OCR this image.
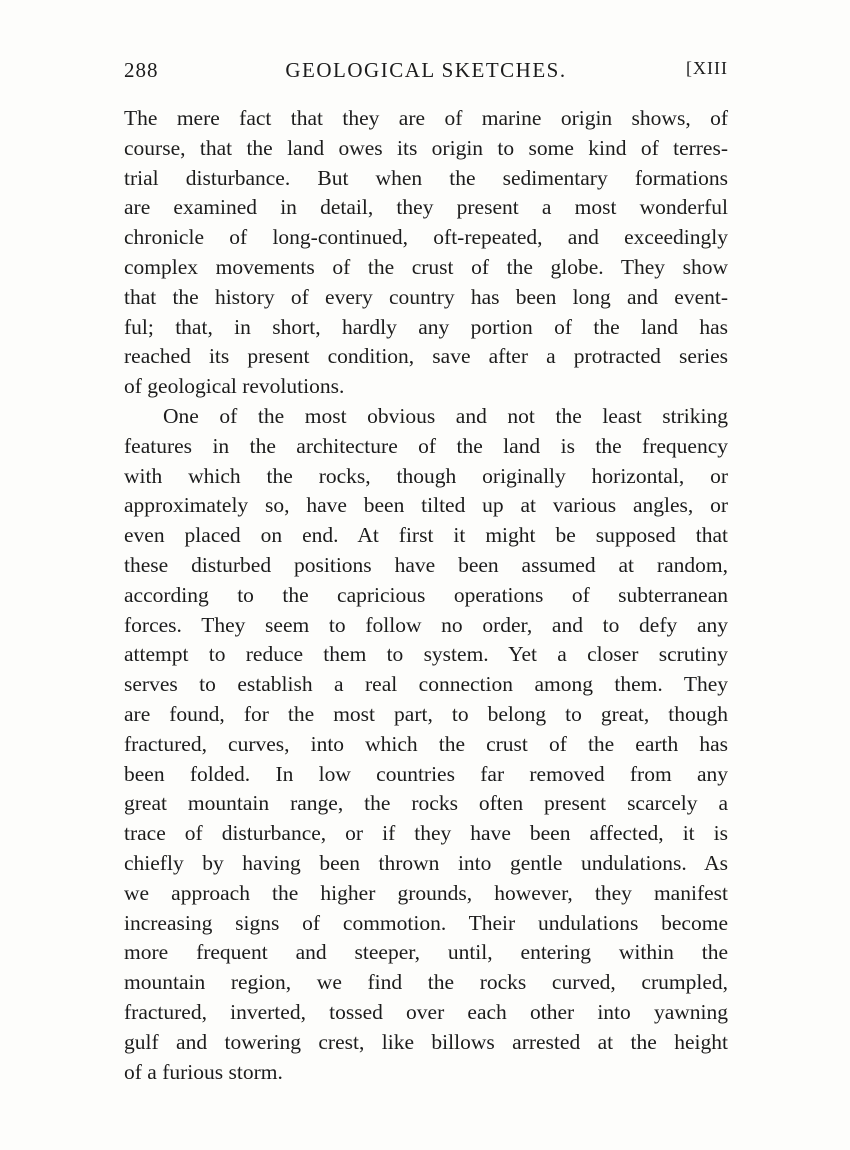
288	GEOLOGICAL SKETCHES.	[XIII

The mere fact that they are of marine origin shows, of
course, that the land owes its origin to some kind of terres-
trial disturbance. But when the sedimentary formations
are examined in detail, they present a most wonderful
chronicle of long-continued, oft-repeated, and exceedingly
complex movements of the crust of the globe. They show
that the history of every country has been long and event-
ful; that, in short, hardly any portion of the land has
reached its present condition, save after a protracted series
of geological revolutions.

One of the most obvious and not the least striking
features in the architecture of the land is the frequency
with which the rocks, though originally horizontal, or
approximately so, have been tilted up at various angles, or
even placed on end. At first it might be supposed that
these disturbed positions have been assumed at random,
according to the capricious operations of subterranean
forces. They seem to follow no order, and to defy any
attempt to reduce them to system. Yet a closer scrutiny
serves to establish a real connection among them. They
are found, for the most part, to belong to great, though
fractured, curves, into which the crust of the earth has
been folded. In low countries far removed from any
great mountain range, the rocks often present scarcely a
trace of disturbance, or if they have been affected, it is
chiefly by having been thrown into gentle undulations. As
we approach the higher grounds, however, they manifest
increasing signs of commotion. Their undulations become
more frequent and steeper, until, entering within the
mountain region, we find the rocks curved, crumpled,
fractured, inverted, tossed over each other into yawning
gulf and towering crest, like billows arrested at the height
of a furious storm.
